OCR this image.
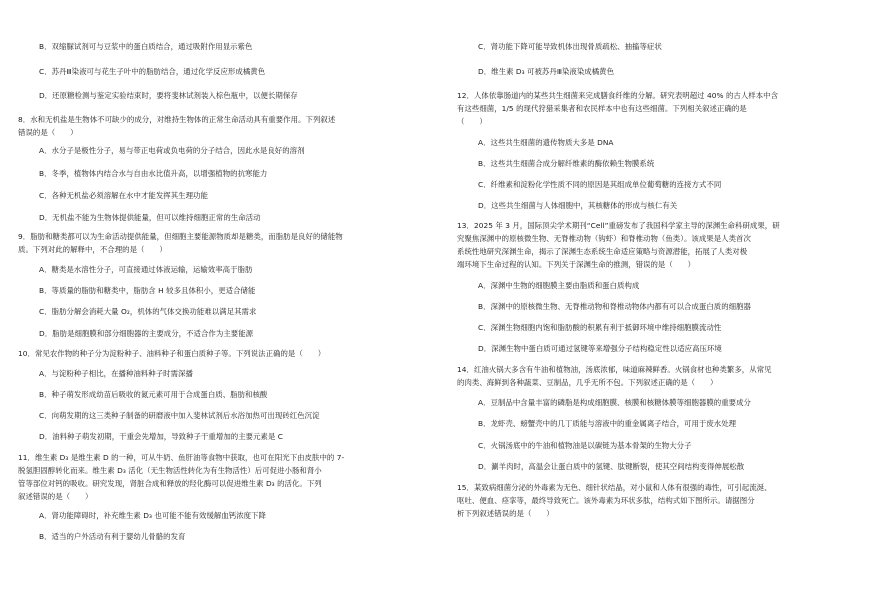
B．双缩脲试剂可与豆浆中的蛋白质结合，通过吸附作用显示紫色
C．苏丹Ⅲ染液可与花生子叶中的脂肪结合，通过化学反应形成橘黄色
D．还原糖检测与鉴定实验结束时，要将斐林试剂装入棕色瓶中，以便长期保存
8．水和无机盐是生物体不可缺少的成分，对维持生物体的正常生命活动具有重要作用。下列叙述
错误的是（　　）
A．水分子是极性分子，易与带正电荷或负电荷的分子结合，因此水是良好的溶剂
B．冬季，植物体内结合水与自由水比值升高，以增强植物的抗寒能力
C．各种无机盐必须溶解在水中才能发挥其生理功能
D．无机盐不能为生物体提供能量，但可以维持细胞正常的生命活动
9．脂肪和糖类都可以为生命活动提供能量，但细胞主要能源物质却是糖类，而脂肪是良好的储能物
质。下列对此的解释中，不合理的是（　　）
A．糖类是水溶性分子，可直接通过体液运输，运输效率高于脂肪
B．等质量的脂肪和糖类中，脂肪含 H 较多且体积小，更适合储能
C．脂肪分解会消耗大量 O₂，机体的气体交换功能难以满足其需求
D．脂肪是细胞膜和部分细胞器的主要成分，不适合作为主要能源
10．常见农作物的种子分为淀粉种子、油料种子和蛋白质种子等。下列说法正确的是（　　）
A．与淀粉种子相比，在播种油料种子时需深播
B．种子萌发形成幼苗后吸收的氮元素可用于合成蛋白质、脂肪和核酸
C．向萌发期的这三类种子制备的研磨液中加入斐林试剂后水浴加热可出现砖红色沉淀
D．油料种子萌发初期，干重会先增加，导致种子干重增加的主要元素是 C
11．维生素 D₃ 是维生素 D 的一种，可从牛奶、鱼肝油等食物中获取，也可在阳光下由皮肤中的 7-
脱氢胆固醇转化而来。维生素 D₃ 活化（无生物活性转化为有生物活性）后可促进小肠和肾小
管等部位对钙的吸收。研究发现，肾脏合成和释放的羟化酶可以促进维生素 D₃ 的活化。下列
叙述错误的是（　　）
A．肾功能障碍时，补充维生素 D₃ 也可能不能有效缓解血钙浓度下降
B．适当的户外活动有利于婴幼儿骨骼的发育
C．肾功能下降可能导致机体出现骨质疏松、抽搐等症状
D．维生素 D₃ 可被苏丹Ⅲ染液染成橘黄色
12．人体依靠肠道内的某些共生细菌来完成膳食纤维的分解。研究表明超过 40% 的古人样本中含
有这些细菌，1/5 的现代狩猎采集者和农民样本中也有这些细菌。下列相关叙述正确的是
（　　）
A．这些共生细菌的遗传物质大多是 DNA
B．这些共生细菌合成分解纤维素的酶依赖生物膜系统
C．纤维素和淀粉化学性质不同的原因是其组成单位葡萄糖的连接方式不同
D．这些共生细菌与人体细胞中，其核糖体的形成与核仁有关
13．2025 年 3 月，国际顶尖学术期刊“Cell”重磅发布了我国科学家主导的深渊生命科研成果，研
究聚焦深渊中的原核微生物、无脊椎动物（钩虾）和脊椎动物（鱼类）。该成果是人类首次
系统性地研究深渊生命，揭示了深渊生态系统生命适应策略与资源潜能，拓展了人类对极
端环境下生命过程的认知。下列关于深渊生命的推测，错误的是（　　）
A．深渊中生物的细胞膜主要由脂质和蛋白质构成
B．深渊中的原核微生物、无脊椎动物和脊椎动物体内都有可以合成蛋白质的细胞器
C．深渊生物细胞内饱和脂肪酸的积累有利于抵御环境中维持细胞膜流动性
D．深渊生物中蛋白质可通过氢键等来增强分子结构稳定性以适应高压环境
14．红油火锅大多含有牛油和植物油，汤底浓郁，味道麻辣鲜香。火锅食材也种类繁多，从常见
的肉类、海鲜到各种蔬菜、豆制品，几乎无所不包。下列叙述正确的是（　　）
A．豆制品中含量丰富的磷脂是构成细胞膜、核膜和核糖体膜等细胞器膜的重要成分
B．龙虾壳、螃蟹壳中的几丁质能与溶液中的重金属离子结合，可用于废水处理
C．火锅汤底中的牛油和植物油是以碳链为基本骨架的生物大分子
D．涮羊肉时，高温会让蛋白质中的氢键、肽键断裂，使其空间结构变得伸展松散
15．某致病细菌分泌的外毒素为无色、细针状结晶，对小鼠和人体有很强的毒性，可引起流涎、
呕吐、便血、痉挛等，最终导致死亡。该外毒素为环状多肽，结构式如下图所示。请据图分
析下列叙述错误的是（　　）
